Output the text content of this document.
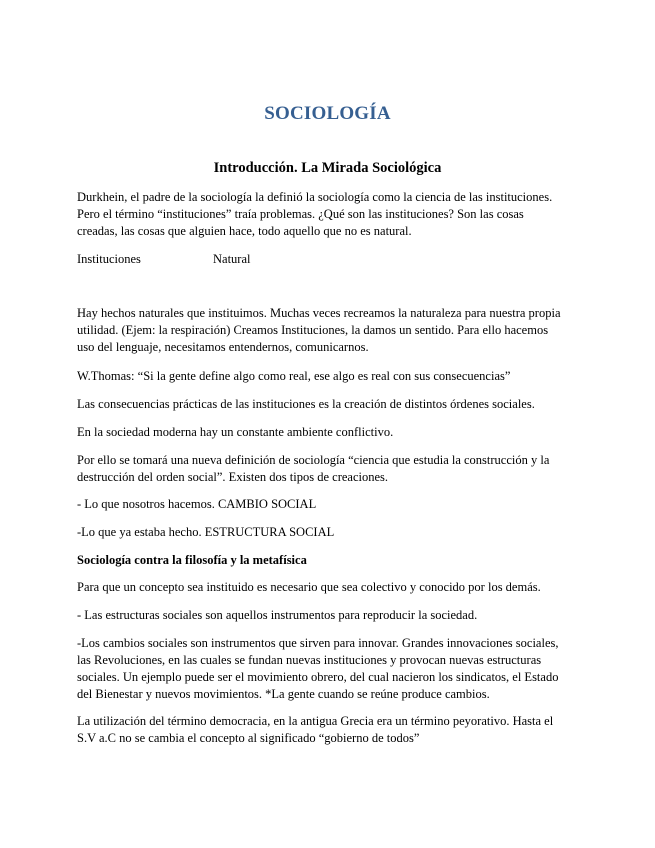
SOCIOLOGÍA
Introducción. La Mirada Sociológica
Durkhein, el padre de la sociología la definió la sociología como la ciencia de las instituciones.
Pero el término “instituciones” traía problemas. ¿Qué son las instituciones? Son las cosas
creadas, las cosas que alguien hace, todo aquello que no es natural.
Instituciones	Natural
Hay hechos naturales que instituimos. Muchas veces recreamos la naturaleza para nuestra propia
utilidad. (Ejem: la respiración) Creamos Instituciones, la damos un sentido. Para ello hacemos
uso del lenguaje, necesitamos entendernos, comunicarnos.
W.Thomas: “Si la gente define algo como real, ese algo es real con sus consecuencias”
Las consecuencias prácticas de las instituciones es la creación de distintos órdenes sociales.
En la sociedad moderna hay un constante ambiente conflictivo.
Por ello se tomará una nueva definición de sociología “ciencia que estudia la construcción y la
destrucción del orden social”. Existen dos tipos de creaciones.
- Lo que nosotros hacemos. CAMBIO SOCIAL
-Lo que ya estaba hecho. ESTRUCTURA SOCIAL
Sociología contra la filosofía y la metafísica
Para que un concepto sea instituido es necesario que sea colectivo y conocido por los demás.
- Las estructuras sociales son aquellos instrumentos para reproducir la sociedad.
-Los cambios sociales son instrumentos que sirven para innovar. Grandes innovaciones sociales,
las Revoluciones, en las cuales se fundan nuevas instituciones y provocan nuevas estructuras
sociales. Un ejemplo puede ser el movimiento obrero, del cual nacieron los sindicatos, el Estado
del Bienestar y nuevos movimientos. *La gente cuando se reúne produce cambios.
La utilización del término democracia, en la antigua Grecia era un término peyorativo. Hasta el
S.V a.C no se cambia el concepto al significado “gobierno de todos”
